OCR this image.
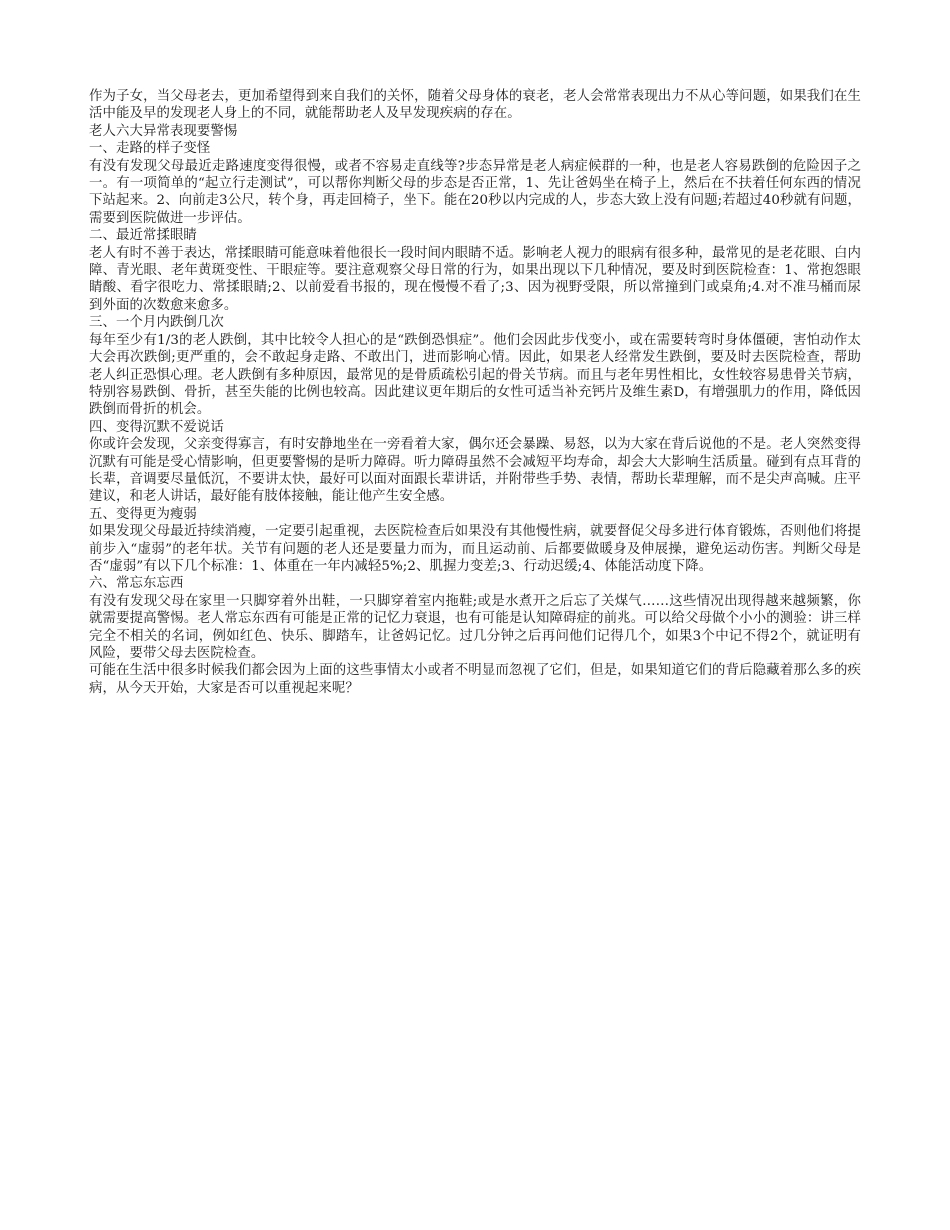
作为子女，当父母老去，更加希望得到来自我们的关怀，随着父母身体的衰老，老人会常常表现出力不从心等问题，如果我们在生活中能及早的发现老人身上的不同，就能帮助老人及早发现疾病的存在。

老人六大异常表现要警惕

一、走路的样子变怪

有没有发现父母最近走路速度变得很慢，或者不容易走直线等?步态异常是老人病症候群的一种，也是老人容易跌倒的危险因子之一。有一项简单的“起立行走测试”，可以帮你判断父母的步态是否正常，1、先让爸妈坐在椅子上，然后在不扶着任何东西的情况下站起来。2、向前走3公尺，转个身，再走回椅子，坐下。能在20秒以内完成的人，步态大致上没有问题;若超过40秒就有问题，需要到医院做进一步评估。

二、最近常揉眼睛

老人有时不善于表达，常揉眼睛可能意味着他很长一段时间内眼睛不适。影响老人视力的眼病有很多种，最常见的是老花眼、白内障、青光眼、老年黄斑变性、干眼症等。要注意观察父母日常的行为，如果出现以下几种情况，要及时到医院检查：1、常抱怨眼睛酸、看字很吃力、常揉眼睛;2、以前爱看书报的，现在慢慢不看了;3、因为视野受限，所以常撞到门或桌角;4.对不准马桶而尿到外面的次数愈来愈多。

三、一个月内跌倒几次

每年至少有1/3的老人跌倒，其中比较令人担心的是“跌倒恐惧症”。他们会因此步伐变小，或在需要转弯时身体僵硬，害怕动作太大会再次跌倒;更严重的，会不敢起身走路、不敢出门，进而影响心情。因此，如果老人经常发生跌倒，要及时去医院检查，帮助老人纠正恐惧心理。老人跌倒有多种原因，最常见的是骨质疏松引起的骨关节病。而且与老年男性相比，女性较容易患骨关节病，特别容易跌倒、骨折，甚至失能的比例也较高。因此建议更年期后的女性可适当补充钙片及维生素D，有增强肌力的作用，降低因跌倒而骨折的机会。

四、变得沉默不爱说话

你或许会发现，父亲变得寡言，有时安静地坐在一旁看着大家，偶尔还会暴躁、易怒，以为大家在背后说他的不是。老人突然变得沉默有可能是受心情影响，但更要警惕的是听力障碍。听力障碍虽然不会减短平均寿命，却会大大影响生活质量。碰到有点耳背的长辈，音调要尽量低沉，不要讲太快，最好可以面对面跟长辈讲话，并附带些手势、表情，帮助长辈理解，而不是尖声高喊。庄平建议，和老人讲话，最好能有肢体接触，能让他产生安全感。

五、变得更为瘦弱

如果发现父母最近持续消瘦，一定要引起重视，去医院检查后如果没有其他慢性病，就要督促父母多进行体育锻炼，否则他们将提前步入“虚弱”的老年状。关节有问题的老人还是要量力而为，而且运动前、后都要做暖身及伸展操，避免运动伤害。判断父母是否“虚弱”有以下几个标准：1、体重在一年内减轻5%;2、肌握力变差;3、行动迟缓;4、体能活动度下降。

六、常忘东忘西

有没有发现父母在家里一只脚穿着外出鞋，一只脚穿着室内拖鞋;或是水煮开之后忘了关煤气……这些情况出现得越来越频繁，你就需要提高警惕。老人常忘东西有可能是正常的记忆力衰退，也有可能是认知障碍症的前兆。可以给父母做个小小的测验：讲三样完全不相关的名词，例如红色、快乐、脚踏车，让爸妈记忆。过几分钟之后再问他们记得几个，如果3个中记不得2个，就证明有风险，要带父母去医院检查。

可能在生活中很多时候我们都会因为上面的这些事情太小或者不明显而忽视了它们，但是，如果知道它们的背后隐藏着那么多的疾病，从今天开始，大家是否可以重视起来呢？
